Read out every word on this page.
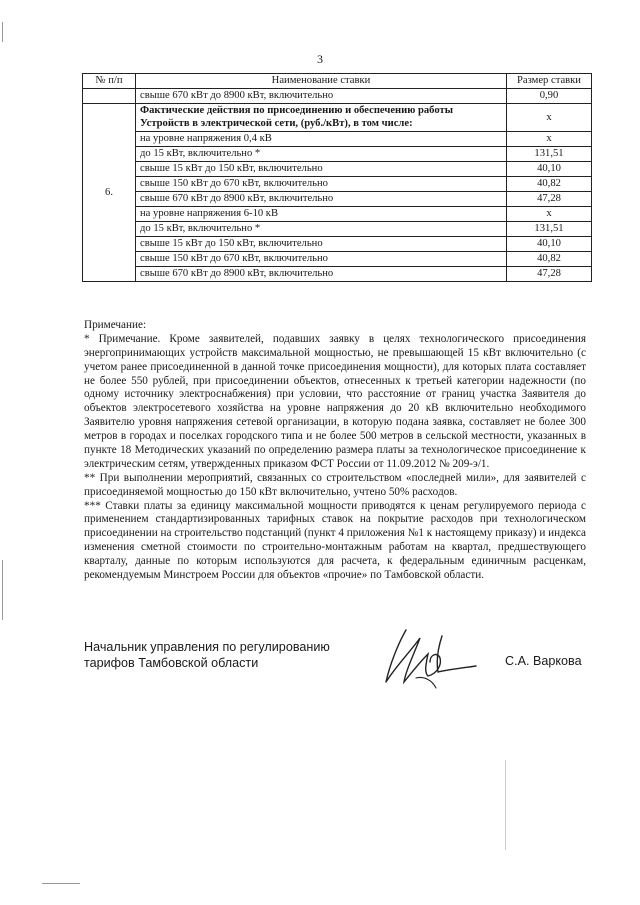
3
№ п/п	Наименование ставки	Размер ставки
	свыше 670 кВт до 8900 кВт, включительно	0,90
6.	Фактические действия по присоединению и обеспечению работы Устройств в электрической сети, (руб./кВт), в том числе:	х
	на уровне напряжения 0,4 кВ	х
	до 15 кВт, включительно *	131,51
	свыше 15 кВт до 150 кВт, включительно	40,10
	свыше 150 кВт до 670 кВт, включительно	40,82
	свыше 670 кВт до 8900 кВт, включительно	47,28
	на уровне напряжения 6-10 кВ	х
	до 15 кВт, включительно *	131,51
	свыше 15 кВт до 150 кВт, включительно	40,10
	свыше 150 кВт до 670 кВт, включительно	40,82
	свыше 670 кВт до 8900 кВт, включительно	47,28

Примечание:

* Примечание. Кроме заявителей, подавших заявку в целях технологического присоединения энергопринимающих устройств максимальной мощностью, не превышающей 15 кВт включительно (с учетом ранее присоединенной в данной точке присоединения мощности), для которых плата составляет не более 550 рублей, при присоединении объектов, отнесенных к третьей категории надежности (по одному источнику электроснабжения) при условии, что расстояние от границ участка Заявителя до объектов электросетевого хозяйства на уровне напряжения до 20 кВ включительно необходимого Заявителю уровня напряжения сетевой организации, в которую подана заявка, составляет не более 300 метров в городах и поселках городского типа и не более 500 метров в сельской местности, указанных в пункте 18 Методических указаний по определению размера платы за технологическое присоединение к электрическим сетям, утвержденных приказом ФСТ России от 11.09.2012 № 209-э/1.

** При выполнении мероприятий, связанных со строительством «последней мили», для заявителей с присоединяемой мощностью до 150 кВт включительно, учтено 50% расходов.

*** Ставки платы за единицу максимальной мощности приводятся к ценам регулируемого периода с применением стандартизированных тарифных ставок на покрытие расходов при технологическом присоединении на строительство подстанций (пункт 4 приложения №1 к настоящему приказу) и индекса изменения сметной стоимости по строительно-монтажным работам на квартал, предшествующего кварталу, данные по которым используются для расчета, к федеральным единичным расценкам, рекомендуемым Минстроем России для объектов «прочие» по Тамбовской области.

Начальник управления по регулированию

тарифов Тамбовской области	С.А. Варкова
